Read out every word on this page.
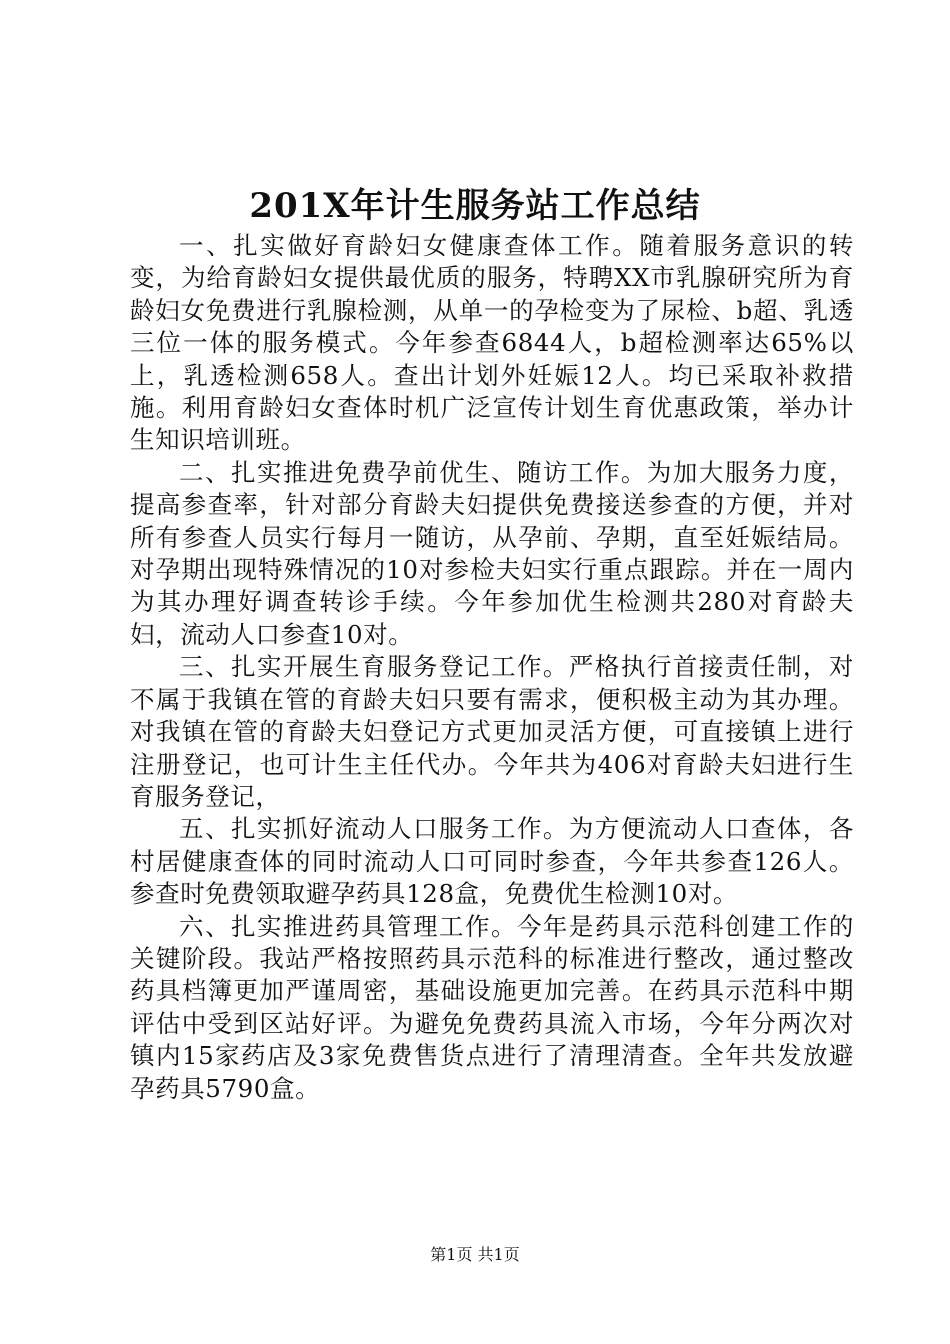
201X年计生服务站工作总结

一、扎实做好育龄妇女健康查体工作。随着服务意识的转变，为给育龄妇女提供最优质的服务，特聘XX市乳腺研究所为育龄妇女免费进行乳腺检测，从单一的孕检变为了尿检、b超、乳透三位一体的服务模式。今年参查6844人，b超检测率达65%以上，乳透检测658人。查出计划外妊娠12人。均已采取补救措施。利用育龄妇女查体时机广泛宣传计划生育优惠政策，举办计生知识培训班。

二、扎实推进免费孕前优生、随访工作。为加大服务力度，提高参查率，针对部分育龄夫妇提供免费接送参查的方便，并对所有参查人员实行每月一随访，从孕前、孕期，直至妊娠结局。对孕期出现特殊情况的10对参检夫妇实行重点跟踪。并在一周内为其办理好调查转诊手续。今年参加优生检测共280对育龄夫妇，流动人口参查10对。

三、扎实开展生育服务登记工作。严格执行首接责任制，对不属于我镇在管的育龄夫妇只要有需求，便积极主动为其办理。对我镇在管的育龄夫妇登记方式更加灵活方便，可直接镇上进行注册登记，也可计生主任代办。今年共为406对育龄夫妇进行生育服务登记，

五、扎实抓好流动人口服务工作。为方便流动人口查体，各村居健康查体的同时流动人口可同时参查，今年共参查126人。参查时免费领取避孕药具128盒，免费优生检测10对。

六、扎实推进药具管理工作。今年是药具示范科创建工作的关键阶段。我站严格按照药具示范科的标准进行整改，通过整改药具档簿更加严谨周密，基础设施更加完善。在药具示范科中期评估中受到区站好评。为避免免费药具流入市场，今年分两次对镇内15家药店及3家免费售货点进行了清理清查。全年共发放避孕药具5790盒。

第1页 共1页
